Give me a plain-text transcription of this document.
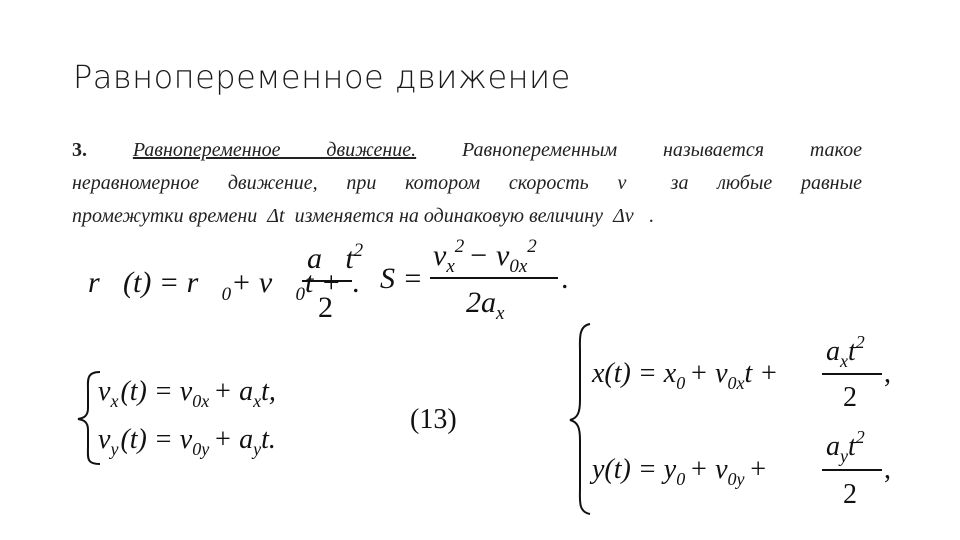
Равнопеременное движение
3. Равнопеременное движение. Равнопеременным называется такое
неравномерное движение, при котором скорость v⃗ за любые равные
промежутки времени Δt изменяется на одинаковую величину Δv⃗.
r⃗(t) = $r⃗_0+$ $v⃗_0t$ +
$a⃗t^2$
2
. S =
$v_x^2 - v_{0x}^2$
$2a_x$
.
$v_x(t) = v_{0x} + a_xt$,
$v_y(t) = v_{0y} + a_yt$.
(13)
$x(t) = x_0 + v_{0x}t$ +
$a_xt^2$
2
,
$y(t) = y_0 + v_{0y}$ +
$a_yt^2$
2
,
